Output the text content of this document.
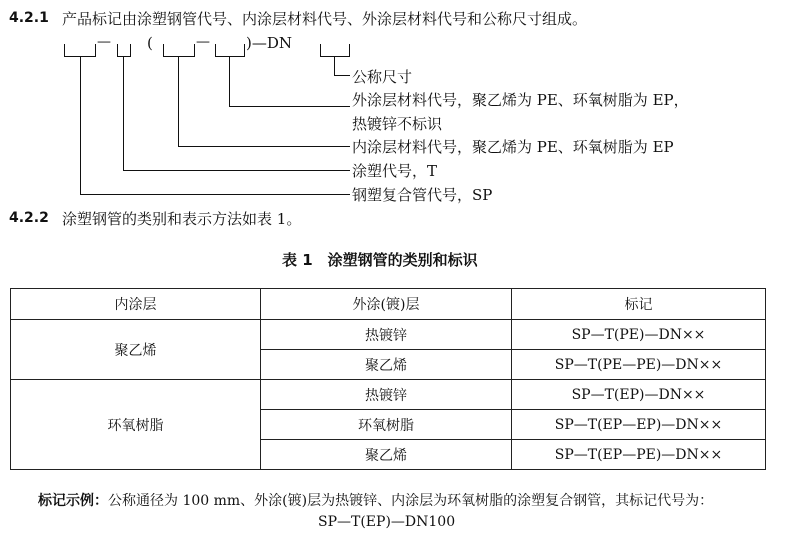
4.2.1 产品标记由涂塑钢管代号、内涂层材料代号、外涂层材料代号和公称尺寸组成。
— (	— )—DN
公称尺寸
外涂层材料代号，聚乙烯为 PE、环氧树脂为 EP，
热镀锌不标识
内涂层材料代号，聚乙烯为 PE、环氧树脂为 EP
涂塑代号，T
钢塑复合管代号，SP
4.2.2 涂塑钢管的类别和表示方法如表 1。
表 1　涂塑钢管的类别和标识
内涂层	外涂(镀)层	标记
聚乙烯	热镀锌	SP—T(PE)—DN××
	聚乙烯	SP—T(PE—PE)—DN××
环氧树脂	热镀锌	SP—T(EP)—DN××
	环氧树脂	SP—T(EP—EP)—DN××
	聚乙烯	SP—T(EP—PE)—DN××
标记示例：公称通径为 100 mm、外涂(镀)层为热镀锌、内涂层为环氧树脂的涂塑复合钢管，其标记代号为：
SP—T(EP)—DN100
